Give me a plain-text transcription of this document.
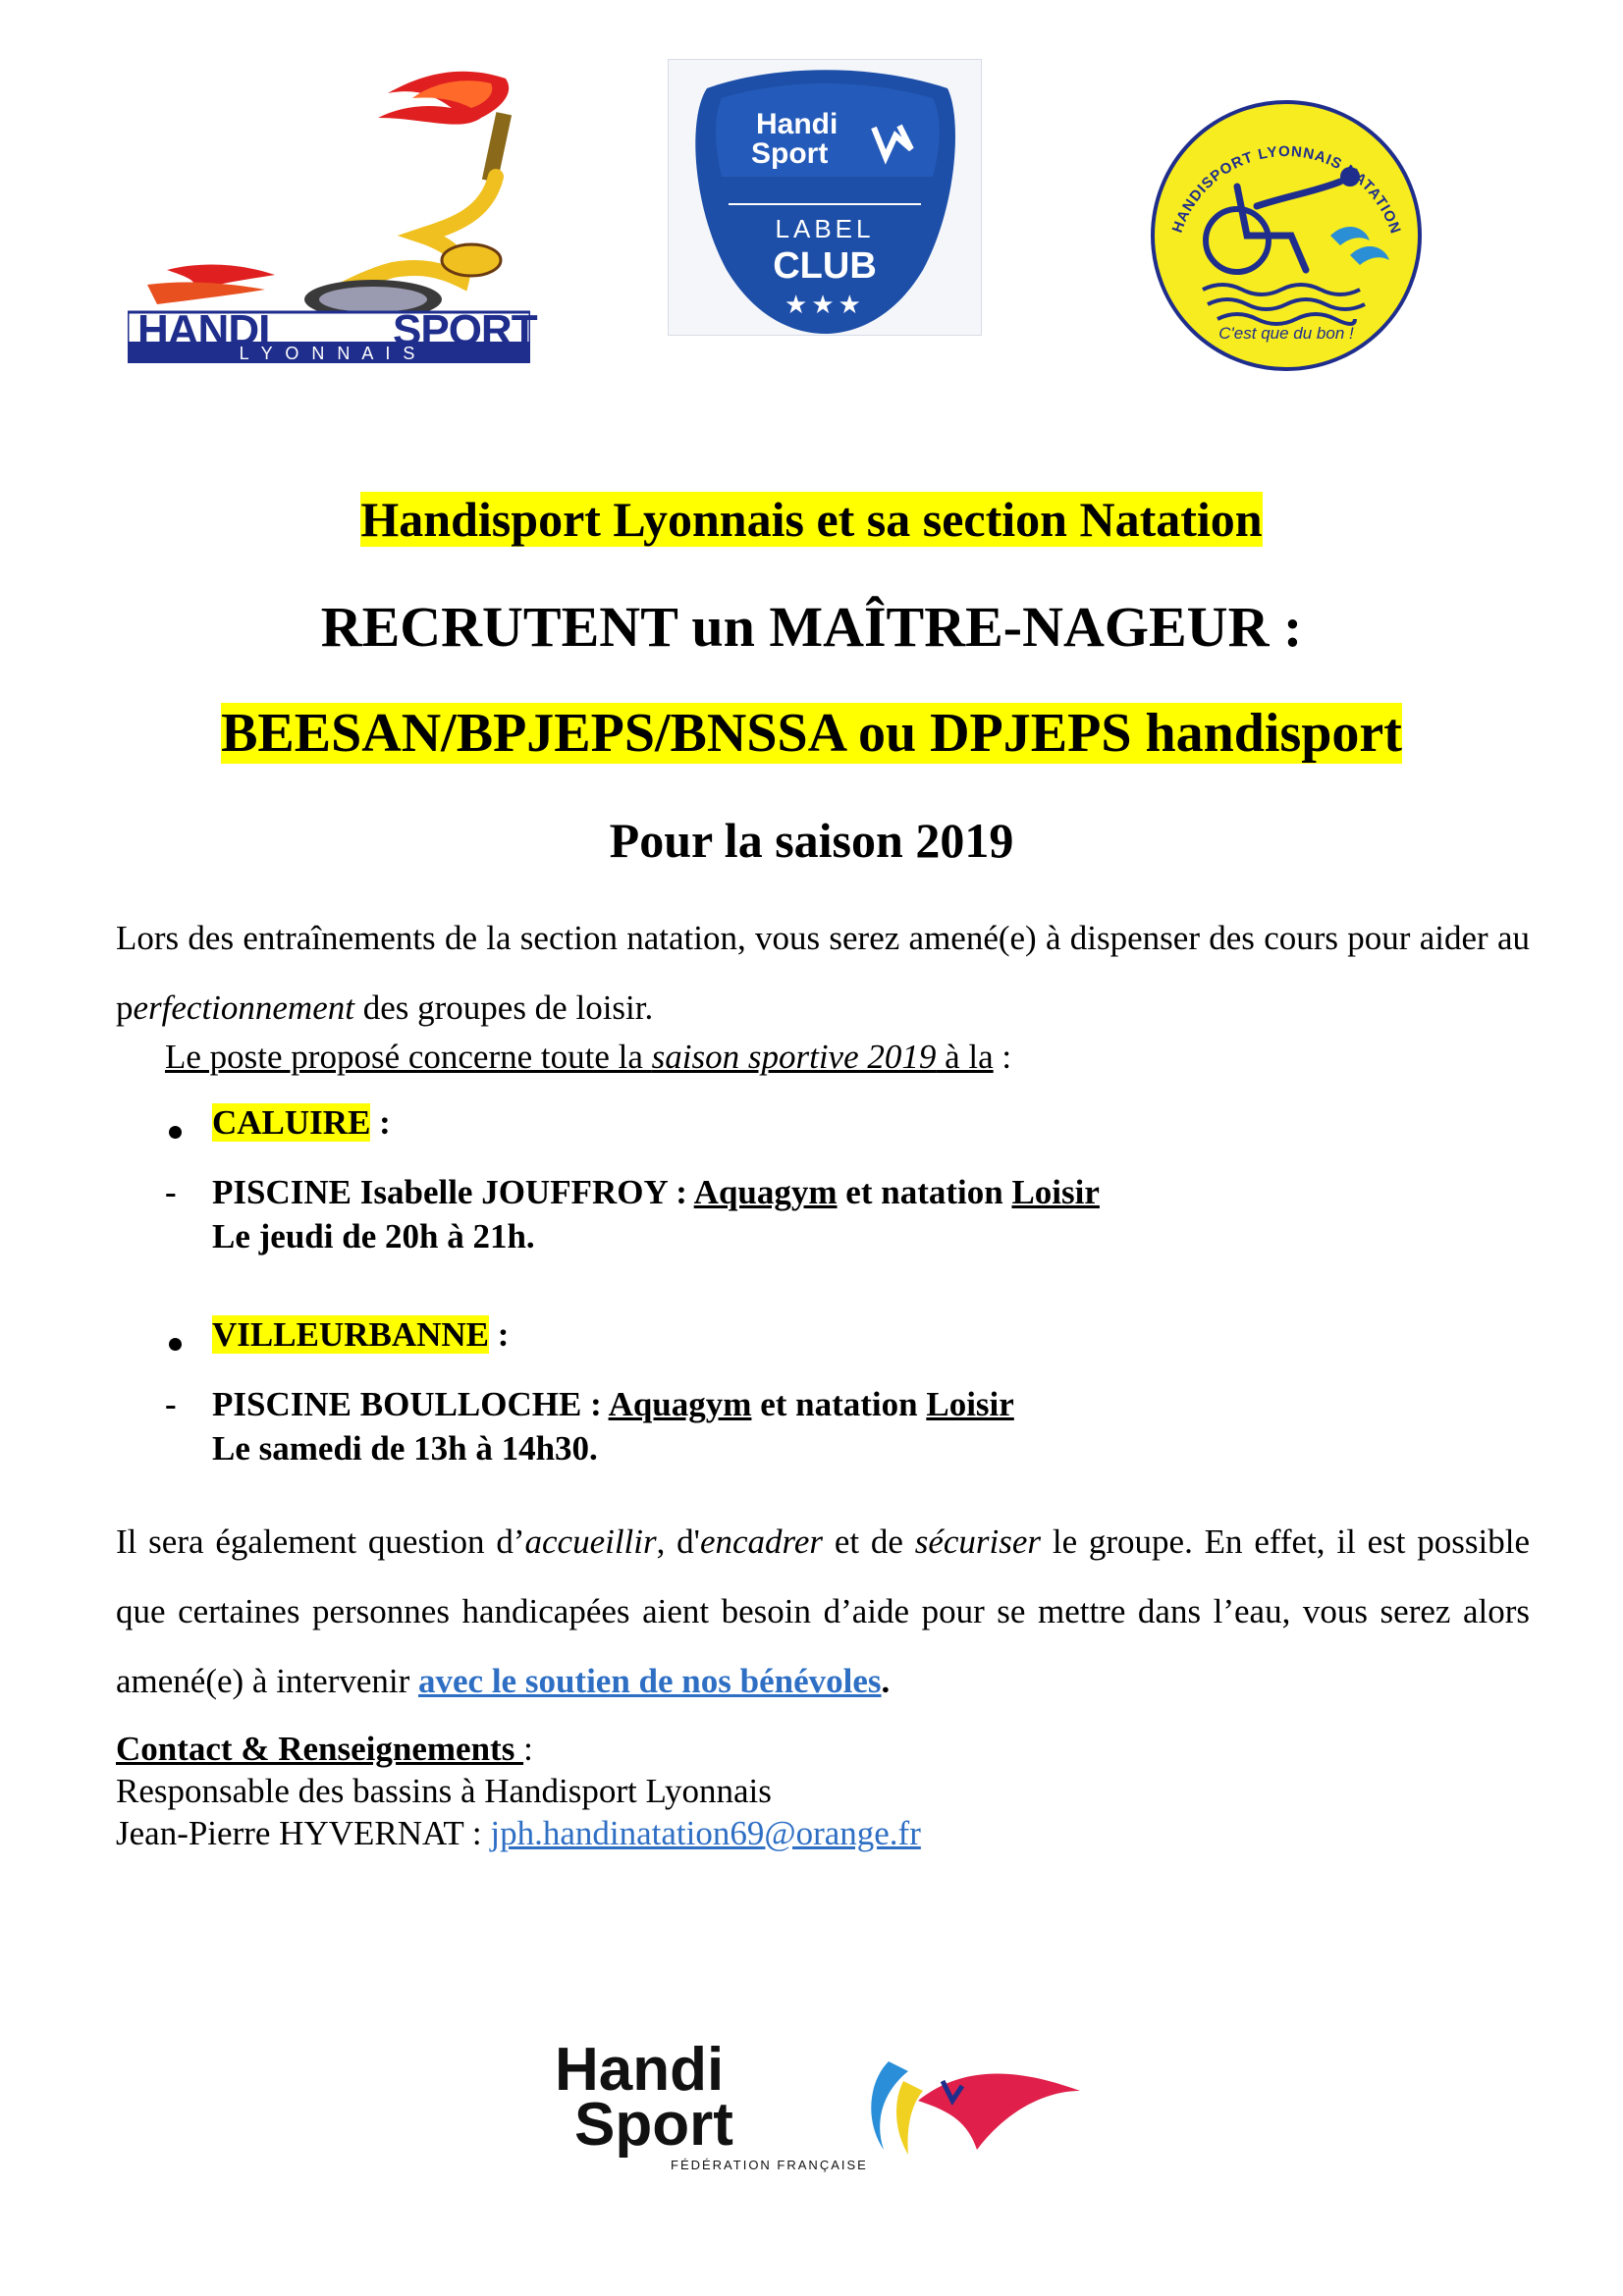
HANDI	SPORT
L Y O N N A I S
Handi
Sport
LABEL
CLUB
★★★
HANDISPORT LYONNAIS NATATION
C'est que du bon !
Handisport Lyonnais et sa section Natation
RECRUTENT un MAÎTRE-NAGEUR :
BEESAN/BPJEPS/BNSSA ou DPJEPS handisport
Pour la saison 2019
Lors des entraînements de la section natation, vous serez amené(e) à dispenser des cours pour aider au perfectionnement des groupes de loisir.
Le poste proposé concerne toute la saison sportive 2019 à la :
CALUIRE :
- PISCINE Isabelle JOUFFROY : Aquagym et natation Loisir
Le jeudi de 20h à 21h.
VILLEURBANNE :
- PISCINE BOULLOCHE : Aquagym et natation Loisir
Le samedi de 13h à 14h30.
Il sera également question d’accueillir, d'encadrer et de sécuriser le groupe. En effet, il est possible que certaines personnes handicapées aient besoin d’aide pour se mettre dans l’eau, vous serez alors amené(e) à intervenir avec le soutien de nos bénévoles.
Contact & Renseignements :
Responsable des bassins à Handisport Lyonnais
Jean-Pierre HYVERNAT : jph.handinatation69@orange.fr
Handi
Sport
FÉDÉRATION FRANÇAISE
